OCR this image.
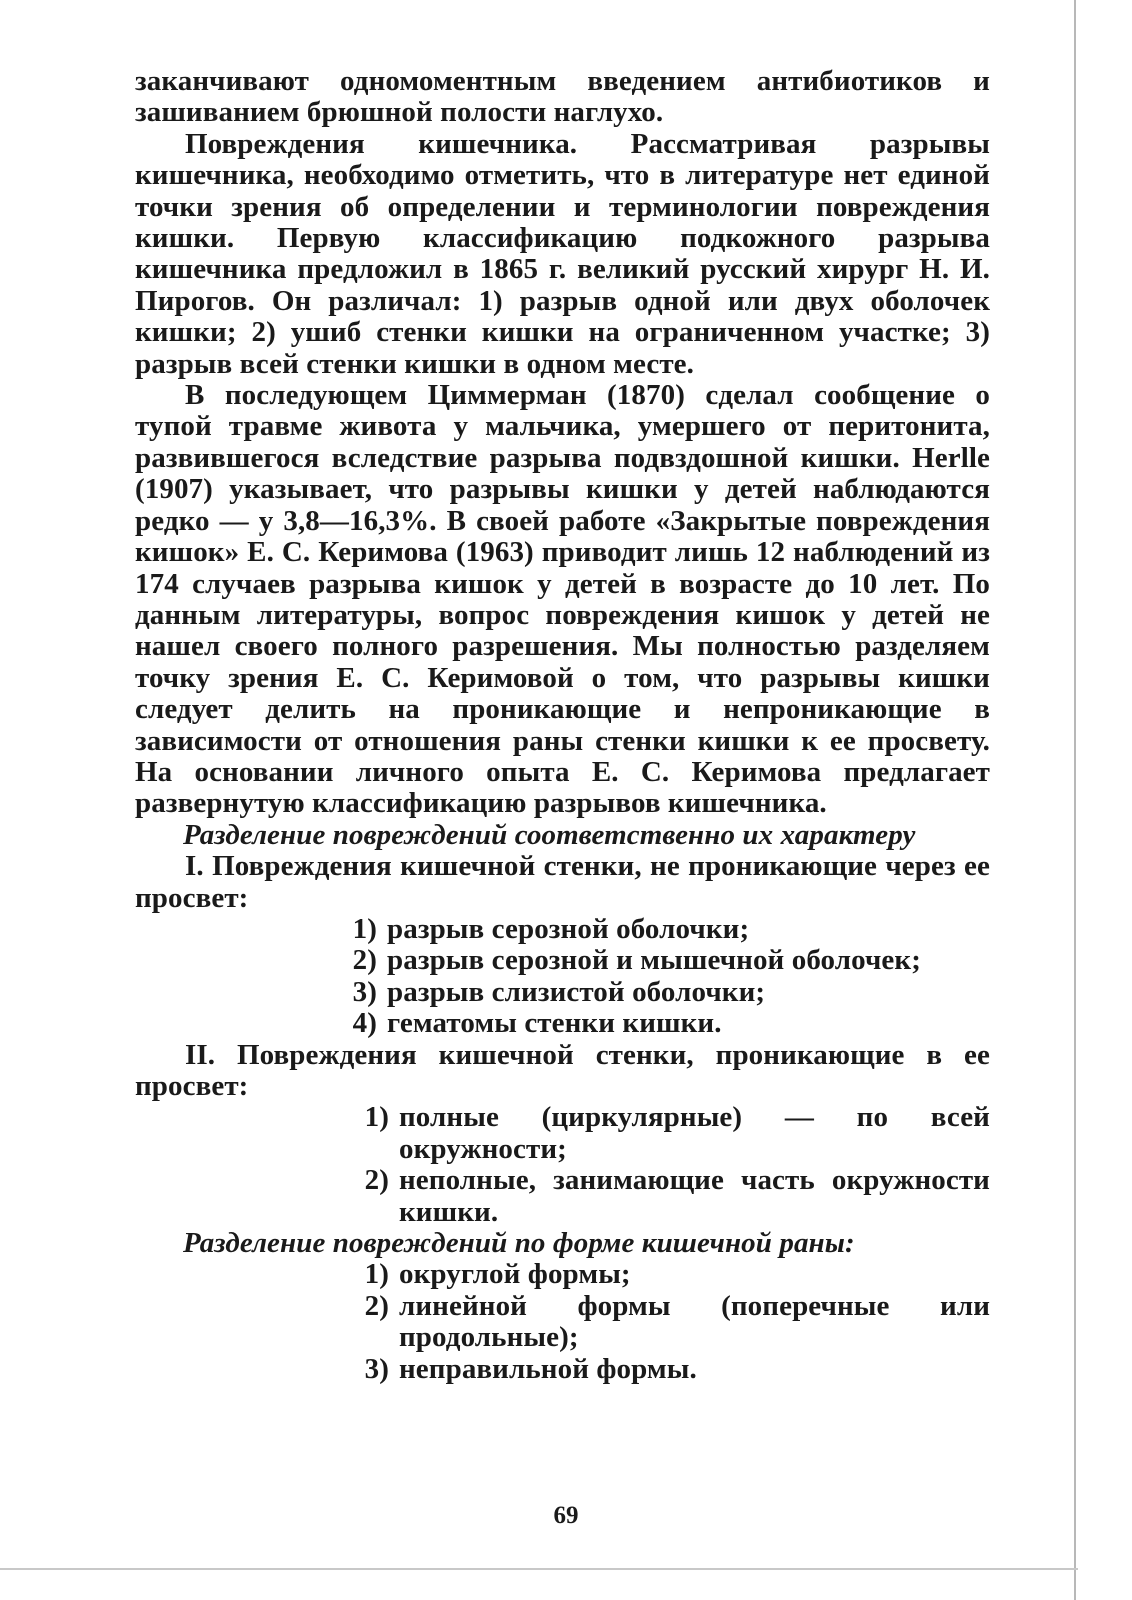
заканчивают одномоментным введением антибиотиков и зашиванием брюшной полости наглухо.

Повреждения кишечника. Рассматривая разрывы кишечника, необходимо отметить, что в литературе нет единой точки зрения об определении и терминологии повреждения кишки. Первую классификацию подкожного разрыва кишечника предложил в 1865 г. великий русский хирург Н. И. Пирогов. Он различал: 1) разрыв одной или двух оболочек кишки; 2) ушиб стенки кишки на ограниченном участке; 3) разрыв всей стенки кишки в одном месте.

В последующем Циммерман (1870) сделал сообщение о тупой травме живота у мальчика, умершего от перитонита, развившегося вследствие разрыва подвздошной кишки. Herlle (1907) указывает, что разрывы кишки у детей наблюдаются редко — у 3,8—16,3%. В своей работе «Закрытые повреждения кишок» Е. С. Керимова (1963) приводит лишь 12 наблюдений из 174 случаев разрыва кишок у детей в возрасте до 10 лет. По данным литературы, вопрос повреждения кишок у детей не нашел своего полного разрешения. Мы полностью разделяем точку зрения Е. С. Керимовой о том, что разрывы кишки следует делить на проникающие и непроникающие в зависимости от отношения раны стенки кишки к ее просвету. На основании личного опыта Е. С. Керимова предлагает развернутую классификацию разрывов кишечника.

Разделение повреждений соответственно их характеру

I. Повреждения кишечной стенки, не проникающие через ее просвет:

1) разрыв серозной оболочки;
2) разрыв серозной и мышечной оболочек;
3) разрыв слизистой оболочки;
4) гематомы стенки кишки.

II. Повреждения кишечной стенки, проникающие в ее просвет:

1) полные (циркулярные) — по всей окружности;
2) неполные, занимающие часть окружности кишки.

Разделение повреждений по форме кишечной раны:

1) округлой формы;
2) линейной формы (поперечные или продольные);
3) неправильной формы.
69
